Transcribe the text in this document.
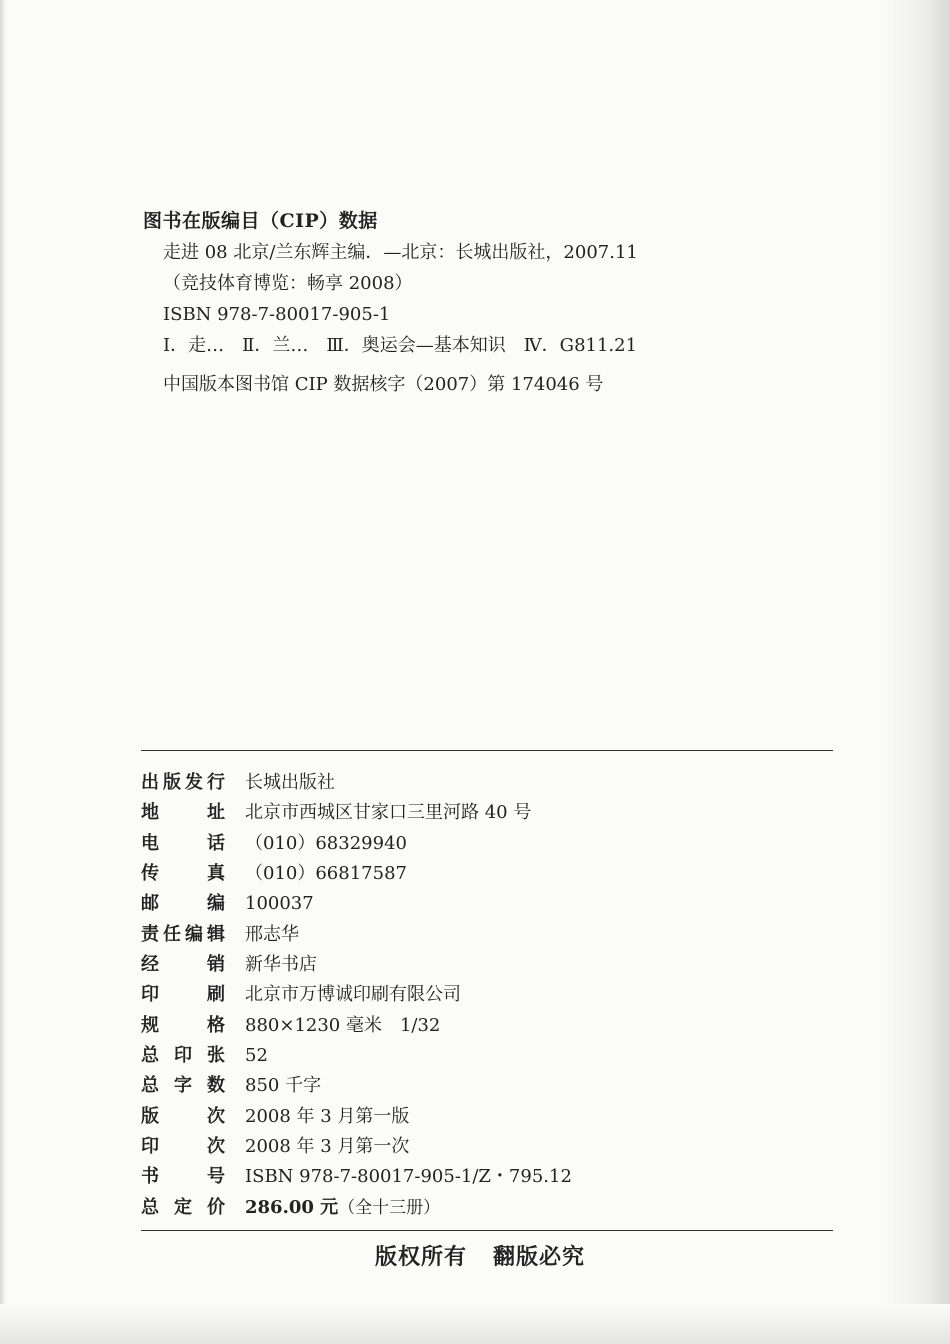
图书在版编目（CIP）数据
走进 08 北京/兰东辉主编．—北京：长城出版社，2007.11
（竞技体育博览：畅享 2008）
ISBN 978-7-80017-905-1
Ⅰ．走…　Ⅱ．兰…　Ⅲ．奥运会—基本知识　Ⅳ．G811.21
中国版本图书馆 CIP 数据核字（2007）第 174046 号
出版发行 长城出版社
地址 北京市西城区甘家口三里河路 40 号
电话 （010）68329940
传真 （010）66817587
邮编 100037
责任编辑 邢志华
经销 新华书店
印刷 北京市万博诚印刷有限公司
规格 880×1230 毫米　1/32
总印张 52
总字数 850 千字
版次 2008 年 3 月第一版
印次 2008 年 3 月第一次
书号 ISBN 978-7-80017-905-1/Z・795.12
总定价 286.00 元（全十三册）
版权所有 翻版必究
